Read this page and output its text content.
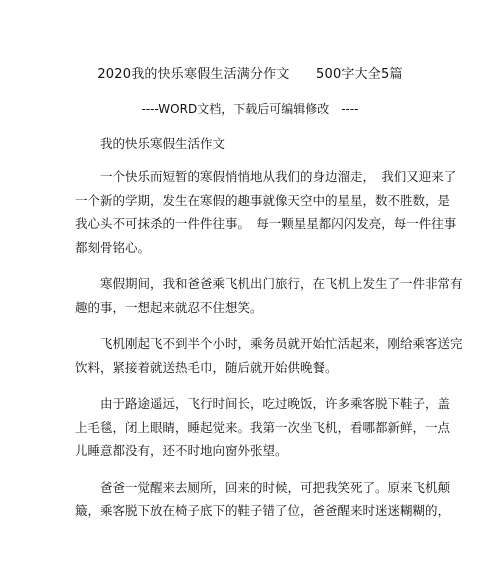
2020我的快乐寒假生活满分作文　　500字大全5篇
----WORD文档，下载后可编辑修改　----
我的快乐寒假生活作文

　　一个快乐而短暂的寒假悄悄地从我们的身边溜走，　我们又迎来了
一个新的学期，发生在寒假的趣事就像天空中的星星，数不胜数，是
我心头不可抹杀的一件件往事。　每一颗星星都闪闪发亮，每一件往事
都刻骨铭心。

　　寒假期间，我和爸爸乘飞机出门旅行，在飞机上发生了一件非常有
趣的事，一想起来就忍不住想笑。

　　飞机刚起飞不到半个小时，乘务员就开始忙活起来，刚给乘客送完
饮料，紧接着就送热毛巾，随后就开始供晚餐。

　　由于路途遥远，飞行时间长，吃过晚饭，许多乘客脱下鞋子，盖
上毛毯，闭上眼睛，睡起觉来。我第一次坐飞机，看哪都新鲜，一点
儿睡意都没有，还不时地向窗外张望。

　　爸爸一觉醒来去厕所，回来的时候，可把我笑死了。原来飞机颠
簸，乘客脱下放在椅子底下的鞋子错了位，爸爸醒来时迷迷糊糊的，
